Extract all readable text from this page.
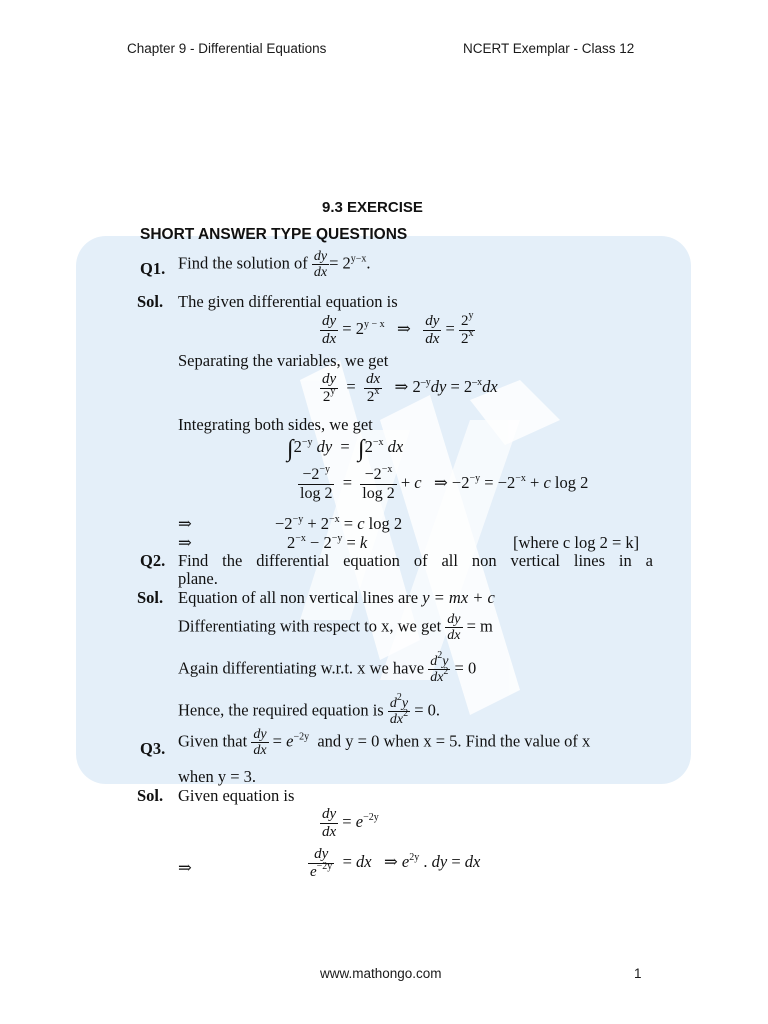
Chapter 9 - Differential Equations	NCERT Exemplar - Class 12
9.3 EXERCISE
SHORT ANSWER TYPE QUESTIONS
Q1. Find the solution of $\frac{dy}{dx} = 2^{y-x}$.
Sol. The given differential equation is
$\frac{dy}{dx} = 2^{y - x}$   ⇒ $\frac{dy}{dx} = \frac{2^y}{2^x}$
Separating the variables, we get
$\frac{dy}{2^y} = \frac{dx}{2^x}$ ⇒ $2^{-y}dy = 2^{-x}dx$
Integrating both sides, we get
$\int 2^{-y}$ dy  =  $\int 2^{-x}$ dx
$\frac{-2^{-y}}{\log 2} = \frac{-2^{-x}}{\log 2} + c$   ⇒ $-2^{-y} = -2^{-x} + c$ log 2
⇒	$-2^{-y} + 2^{-x} = c$ log 2
⇒	$2^{-x} - 2^{-y} = k$	[where c log 2 = k]
Q2. Find the differential equation of all non vertical lines in a
plane.
Sol. Equation of all non vertical lines are y = mx + c
Differentiating with respect to x, we get $\frac{dy}{dx} = m$
Again differentiating w.r.t. x we have $\frac{d^2y}{dx^2} = 0$
Hence, the required equation is $\frac{d^2y}{dx^2} = 0$.
Q3. Given that $\frac{dy}{dx} = e^{-2y}$ and y = 0 when x = 5. Find the value of x
when y = 3.
Sol. Given equation is
$\frac{dy}{dx} = e^{-2y}$
⇒	$\frac{dy}{e^{-2y}}$ = dx   ⇒ $e^{2y}$ . dy = dx
www.mathongo.com	1
